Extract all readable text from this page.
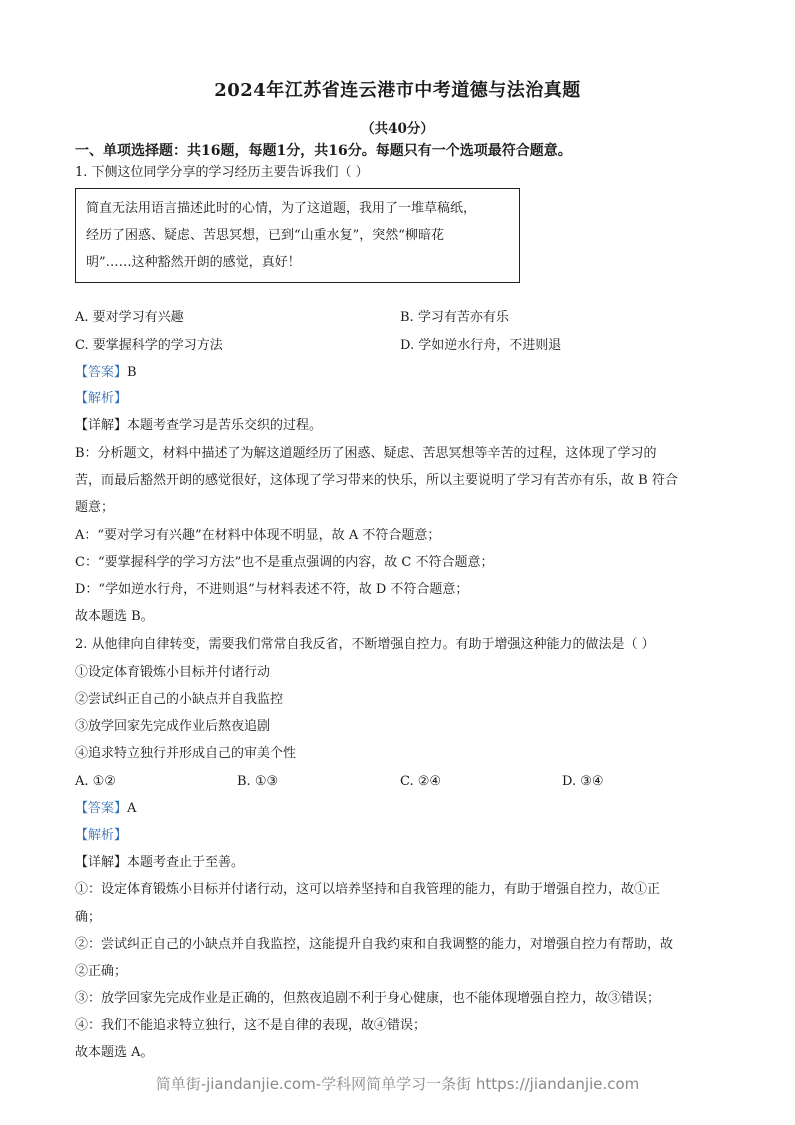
2024年江苏省连云港市中考道德与法治真题
（共40分）
一、单项选择题：共16题，每题1分，共16分。每题只有一个选项最符合题意。
1. 下侧这位同学分享的学习经历主要告诉我们（ ）
简直无法用语言描述此时的心情，为了这道题，我用了一堆草稿纸，
经历了困惑、疑虑、苦思冥想，已到“山重水复”，突然“柳暗花
明”……这种豁然开朗的感觉，真好！
A. 要对学习有兴趣	B. 学习有苦亦有乐
C. 要掌握科学的学习方法	D. 学如逆水行舟，不进则退
【答案】B
【解析】
【详解】本题考查学习是苦乐交织的过程。
B：分析题文，材料中描述了为解这道题经历了困惑、疑虑、苦思冥想等辛苦的过程，这体现了学习的
苦，而最后豁然开朗的感觉很好，这体现了学习带来的快乐，所以主要说明了学习有苦亦有乐，故 B 符合
题意；
A：“要对学习有兴趣”在材料中体现不明显，故 A 不符合题意；
C：“要掌握科学的学习方法”也不是重点强调的内容，故 C 不符合题意；
D：“学如逆水行舟，不进则退”与材料表述不符，故 D 不符合题意；
故本题选 B。
2. 从他律向自律转变，需要我们常常自我反省，不断增强自控力。有助于增强这种能力的做法是（ ）
①设定体育锻炼小目标并付诸行动
②尝试纠正自己的小缺点并自我监控
③放学回家先完成作业后熬夜追剧
④追求特立独行并形成自己的审美个性
A. ①②	B. ①③	C. ②④	D. ③④
【答案】A
【解析】
【详解】本题考查止于至善。
①：设定体育锻炼小目标并付诸行动，这可以培养坚持和自我管理的能力，有助于增强自控力，故①正
确；
②：尝试纠正自己的小缺点并自我监控，这能提升自我约束和自我调整的能力，对增强自控力有帮助，故
②正确；
③：放学回家先完成作业是正确的，但熬夜追剧不利于身心健康，也不能体现增强自控力，故③错误；
④：我们不能追求特立独行，这不是自律的表现，故④错误；
故本题选 A。
简单街-jiandanjie.com-学科网简单学习一条街 https://jiandanjie.com
